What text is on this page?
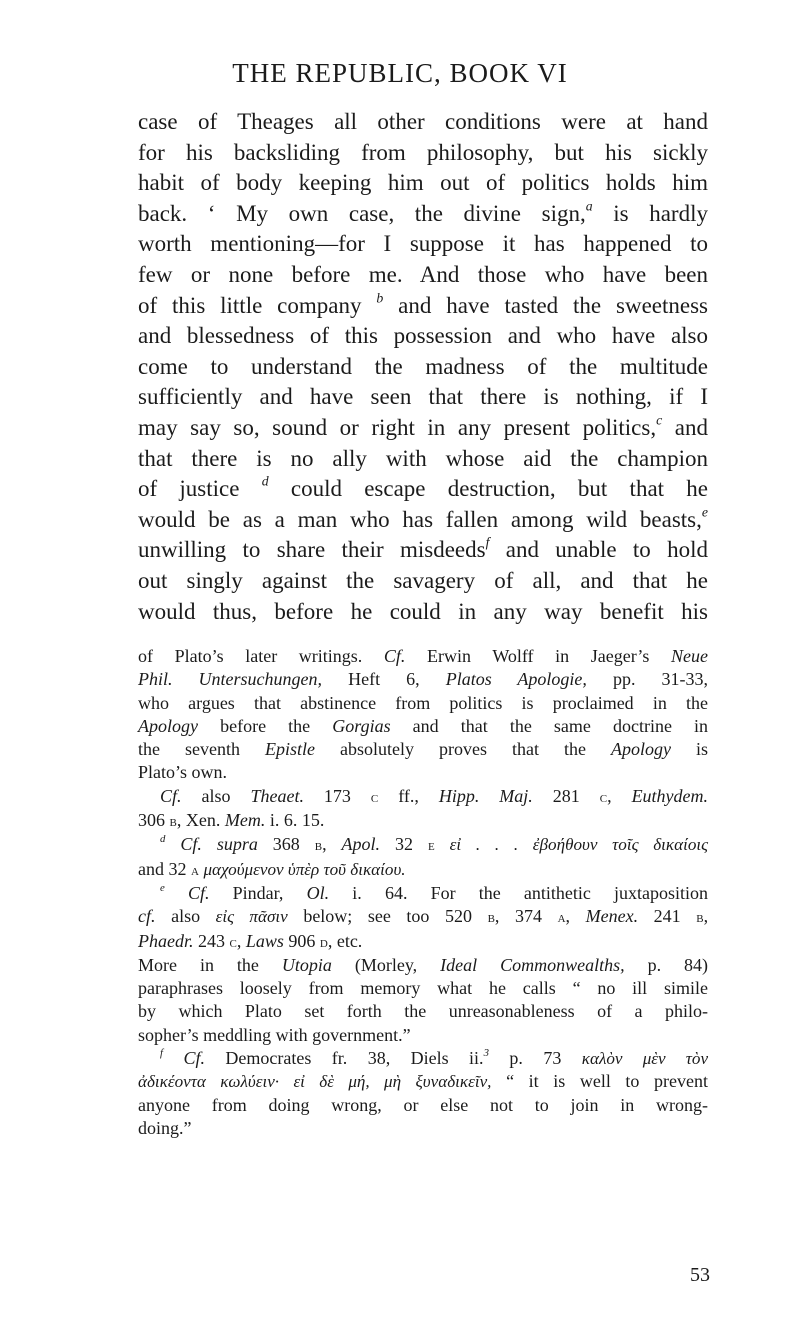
THE REPUBLIC, BOOK VI
case of Theages all other conditions were at hand
for his backsliding from philosophy, but his sickly
habit of body keeping him out of politics holds him
back. ‘ My own case, the divine sign,$^a$ is hardly
worth mentioning—for I suppose it has happened to
few or none before me. And those who have been
of this little company $^b$ and have tasted the sweetness
and blessedness of this possession and who have also
come to understand the madness of the multitude
sufficiently and have seen that there is nothing, if I
may say so, sound or right in any present politics,$^c$ and
that there is no ally with whose aid the champion
of justice $^d$ could escape destruction, but that he
would be as a man who has fallen among wild beasts,$^e$
unwilling to share their misdeeds$^f$ and unable to hold
out singly against the savagery of all, and that he
would thus, before he could in any way benefit his
of Plato’s later writings. Cf. Erwin Wolff in Jaeger’s Neue
Phil. Untersuchungen, Heft 6, Platos Apologie, pp. 31-33,
who argues that abstinence from politics is proclaimed in the
Apology before the Gorgias and that the same doctrine in
the seventh Epistle absolutely proves that the Apology is
Plato’s own.
Cf. also Theaet. 173 c ff., Hipp. Maj. 281 c, Euthydem.
306 b, Xen. Mem. i. 6. 15.
$^d$ Cf. supra 368 b, Apol. 32 e εἰ . . . ἐβοήθουν τοῖς δικαίοις
and 32 a μαχούμενον ὑπὲρ τοῦ δικαίου.
$^e$ Cf. Pindar, Ol. i. 64. For the antithetic juxtaposition
cf. also εἰς πᾶσιν below; see too 520 b, 374 a, Menex. 241 b,
Phaedr. 243 c, Laws 906 d, etc.
More in the Utopia (Morley, Ideal Commonwealths, p. 84)
paraphrases loosely from memory what he calls “ no ill simile
by which Plato set forth the unreasonableness of a philo-
sopher’s meddling with government.”
$^f$ Cf. Democrates fr. 38, Diels ii.$^3$ p. 73 καλὸν μὲν τὸν
ἀδικέοντα κωλύειν· εἰ δὲ μή, μὴ ξυναδικεῖν, “ it is well to prevent
anyone from doing wrong, or else not to join in wrong-
doing.”
53
